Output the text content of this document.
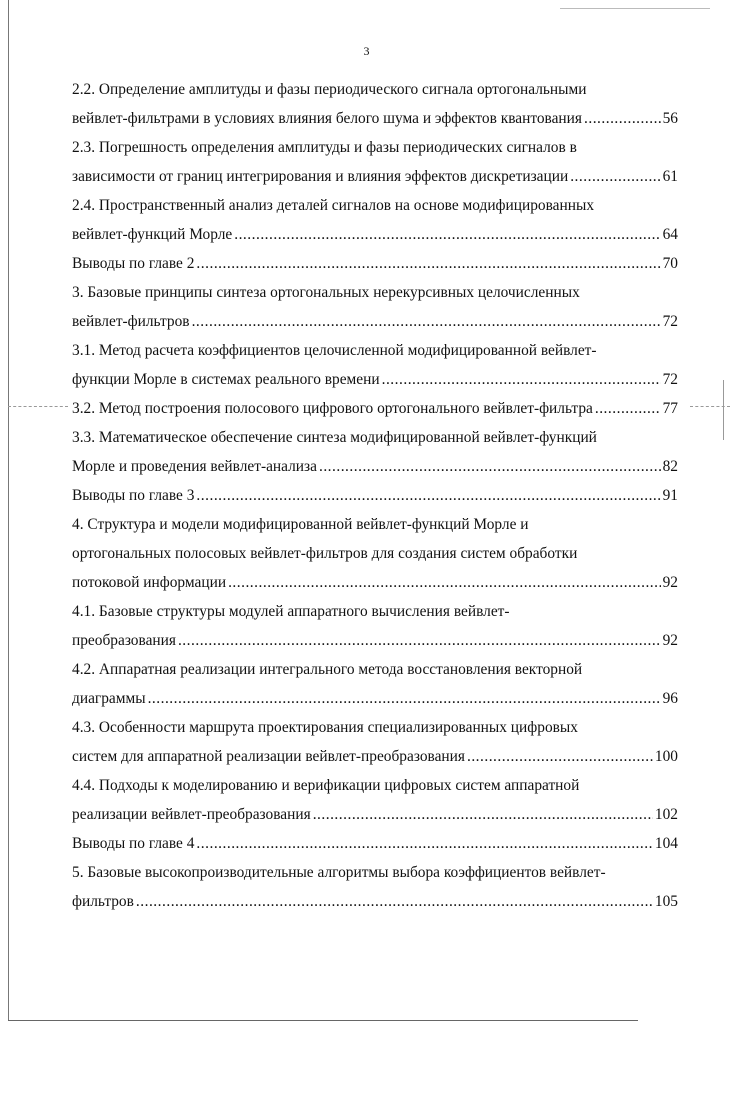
3
2.2. Определение амплитуды и фазы периодического сигнала ортогональными
вейвлет-фильтрами в условиях влияния белого шума и эффектов квантования .....	56
2.3. Погрешность определения амплитуды и фазы периодических сигналов в
зависимости от границ интегрирования и влияния эффектов дискретизации .....	61
2.4. Пространственный анализ деталей сигналов на основе модифицированных
вейвлет-функций Морле .....	64
Выводы по главе 2 .....	70
3. Базовые принципы синтеза ортогональных нерекурсивных целочисленных
вейвлет-фильтров .....	72
3.1. Метод расчета коэффициентов целочисленной модифицированной вейвлет-
функции Морле в системах реального времени .....	72
3.2. Метод построения полосового цифрового ортогонального вейвлет-фильтра .....	77
3.3. Математическое обеспечение синтеза модифицированной вейвлет-функций
Морле и проведения вейвлет-анализа .....	82
Выводы по главе 3 .....	91
4. Структура и модели модифицированной вейвлет-функций Морле и
ортогональных полосовых вейвлет-фильтров для создания систем обработки
потоковой информации .....	92
4.1. Базовые структуры модулей аппаратного вычисления вейвлет-
преобразования .....	92
4.2. Аппаратная реализации интегрального метода восстановления векторной
диаграммы .....	96
4.3. Особенности маршрута проектирования специализированных цифровых
систем для аппаратной реализации вейвлет-преобразования .....	100
4.4. Подходы к моделированию и верификации цифровых систем аппаратной
реализации вейвлет-преобразования .....	102
Выводы по главе 4 .....	104
5. Базовые высокопроизводительные алгоритмы выбора коэффициентов вейвлет-
фильтров .....	105
